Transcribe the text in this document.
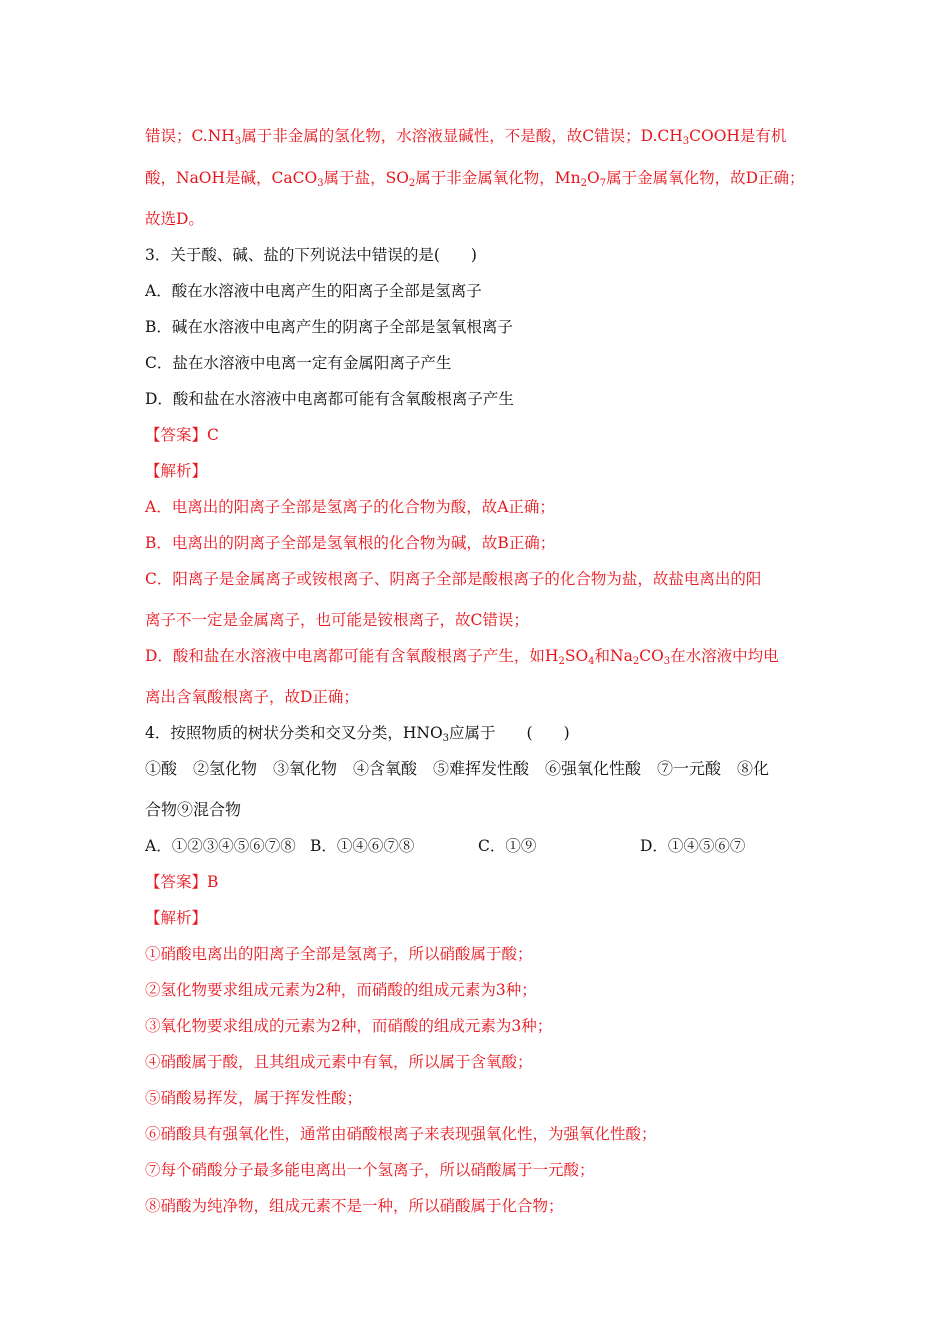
错误；$C.NH_3$属于非金属的氢化物，水溶液显碱性，不是酸，故C错误；$D.CH_3COOH$是有机
酸，NaOH是碱，CaCO$_3$属于盐，$SO_2$属于非金属氧化物，$Mn_2O_7$属于金属氧化物，故D正确；
故选D。
3．关于酸、碱、盐的下列说法中错误的是(　　)
A．酸在水溶液中电离产生的阳离子全部是氢离子
B．碱在水溶液中电离产生的阴离子全部是氢氧根离子
C．盐在水溶液中电离一定有金属阳离子产生
D．酸和盐在水溶液中电离都可能有含氧酸根离子产生
【答案】C
【解析】
A．电离出的阳离子全部是氢离子的化合物为酸，故A正确；
B．电离出的阴离子全部是氢氧根的化合物为碱，故B正确；
C．阳离子是金属离子或铵根离子、阴离子全部是酸根离子的化合物为盐，故盐电离出的阳
离子不一定是金属离子，也可能是铵根离子，故C错误；
D．酸和盐在水溶液中电离都可能有含氧酸根离子产生，如$H_2SO_4$和$Na_2CO_3$在水溶液中均电
离出含氧酸根离子，故D正确；
4．按照物质的树状分类和交叉分类，$HNO_3$应属于　　(　　)
①酸　②氢化物　③氧化物　④含氧酸　⑤难挥发性酸　⑥强氧化性酸　⑦一元酸　⑧化
合物⑨混合物
A．①②③④⑤⑥⑦⑧ B．①④⑥⑦⑧	C．①⑨	D．①④⑤⑥⑦
【答案】B
【解析】
①硝酸电离出的阳离子全部是氢离子，所以硝酸属于酸；
②氢化物要求组成元素为2种，而硝酸的组成元素为3种；
③氧化物要求组成的元素为2种，而硝酸的组成元素为3种；
④硝酸属于酸，且其组成元素中有氧，所以属于含氧酸；
⑤硝酸易挥发，属于挥发性酸；
⑥硝酸具有强氧化性，通常由硝酸根离子来表现强氧化性，为强氧化性酸；
⑦每个硝酸分子最多能电离出一个氢离子，所以硝酸属于一元酸；
⑧硝酸为纯净物，组成元素不是一种，所以硝酸属于化合物；
